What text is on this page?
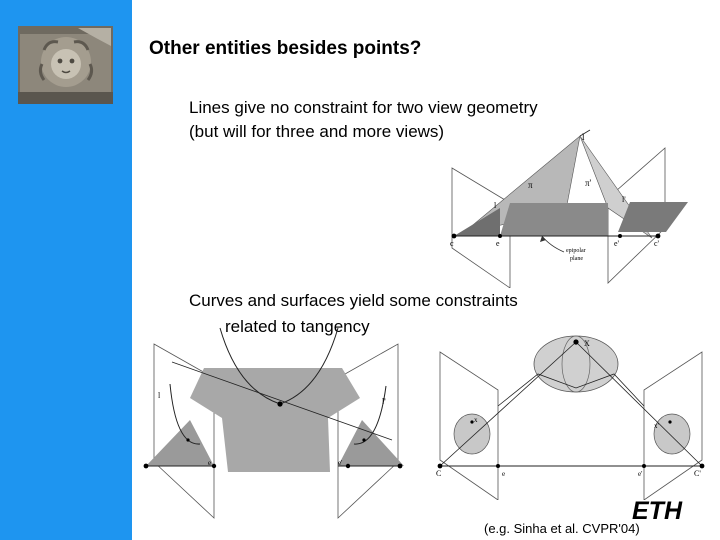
Other entities besides points?
Lines give no constraint for two view geometry
(but will for three and more views)	l
π	π'
l
l'
c	e	e'	c'
epipolar
plane
Curves and surfaces yield some constraints
related to tangency
l
l'
e	e'
X
x
x'
C	e	e'	C'
ETH
(e.g. Sinha et al. CVPR'04)
